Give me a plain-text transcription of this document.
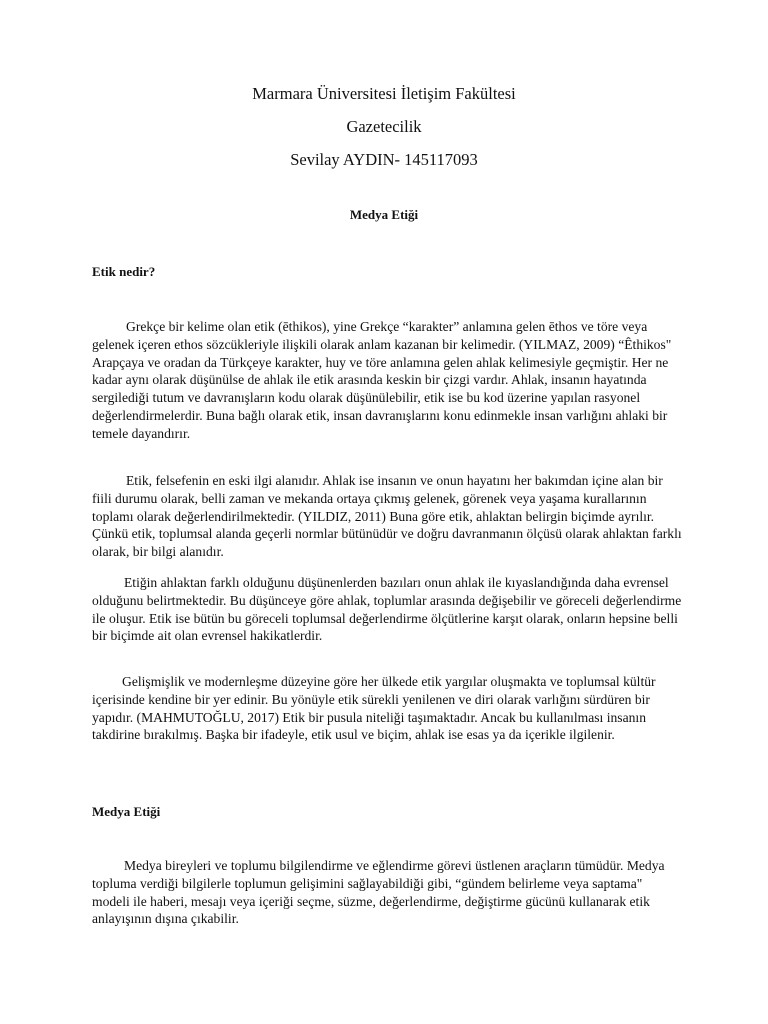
Marmara Üniversitesi İletişim Fakültesi

Gazetecilik

Sevilay AYDIN- 145117093

Medya Etiği
Etik nedir?

Grekçe bir kelime olan etik (ēthikos), yine Grekçe “karakter” anlamına gelen ēthos ve töre veya gelenek içeren ethos sözcükleriyle ilişkili olarak anlam kazanan bir kelimedir. (YILMAZ, 2009) “Êthikos" Arapçaya ve oradan da Türkçeye karakter, huy ve töre anlamına gelen ahlak kelimesiyle geçmiştir. Her ne kadar aynı olarak düşünülse de ahlak ile etik arasında keskin bir çizgi vardır. Ahlak, insanın hayatında sergilediği tutum ve davranışların kodu olarak düşünülebilir, etik ise bu kod üzerine yapılan rasyonel değerlendirmelerdir. Buna bağlı olarak etik, insan davranışlarını konu edinmekle insan varlığını ahlaki bir temele dayandırır.

Etik, felsefenin en eski ilgi alanıdır. Ahlak ise insanın ve onun hayatını her bakımdan içine alan bir fiili durumu olarak, belli zaman ve mekanda ortaya çıkmış gelenek, görenek veya yaşama kurallarının toplamı olarak değerlendirilmektedir. (YILDIZ, 2011) Buna göre etik, ahlaktan belirgin biçimde ayrılır. Çünkü etik, toplumsal alanda geçerli normlar bütünüdür ve doğru davranmanın ölçüsü olarak ahlaktan farklı olarak, bir bilgi alanıdır.

Etiğin ahlaktan farklı olduğunu düşünenlerden bazıları onun ahlak ile kıyaslandığında daha evrensel olduğunu belirtmektedir. Bu düşünceye göre ahlak, toplumlar arasında değişebilir ve göreceli değerlendirme ile oluşur. Etik ise bütün bu göreceli toplumsal değerlendirme ölçütlerine karşıt olarak, onların hepsine belli bir biçimde ait olan evrensel hakikatlerdir.

Gelişmişlik ve modernleşme düzeyine göre her ülkede etik yargılar oluşmakta ve toplumsal kültür içerisinde kendine bir yer edinir. Bu yönüyle etik sürekli yenilenen ve diri olarak varlığını sürdüren bir yapıdır. (MAHMUTOĞLU, 2017) Etik bir pusula niteliği taşımaktadır. Ancak bu kullanılması insanın takdirine bırakılmış. Başka bir ifadeyle, etik usul ve biçim, ahlak ise esas ya da içerikle ilgilenir.

Medya Etiği

Medya bireyleri ve toplumu bilgilendirme ve eğlendirme görevi üstlenen araçların tümüdür. Medya topluma verdiği bilgilerle toplumun gelişimini sağlayabildiği gibi, “gündem belirleme veya saptama" modeli ile haberi, mesajı veya içeriği seçme, süzme, değerlendirme, değiştirme gücünü kullanarak etik anlayışının dışına çıkabilir.
